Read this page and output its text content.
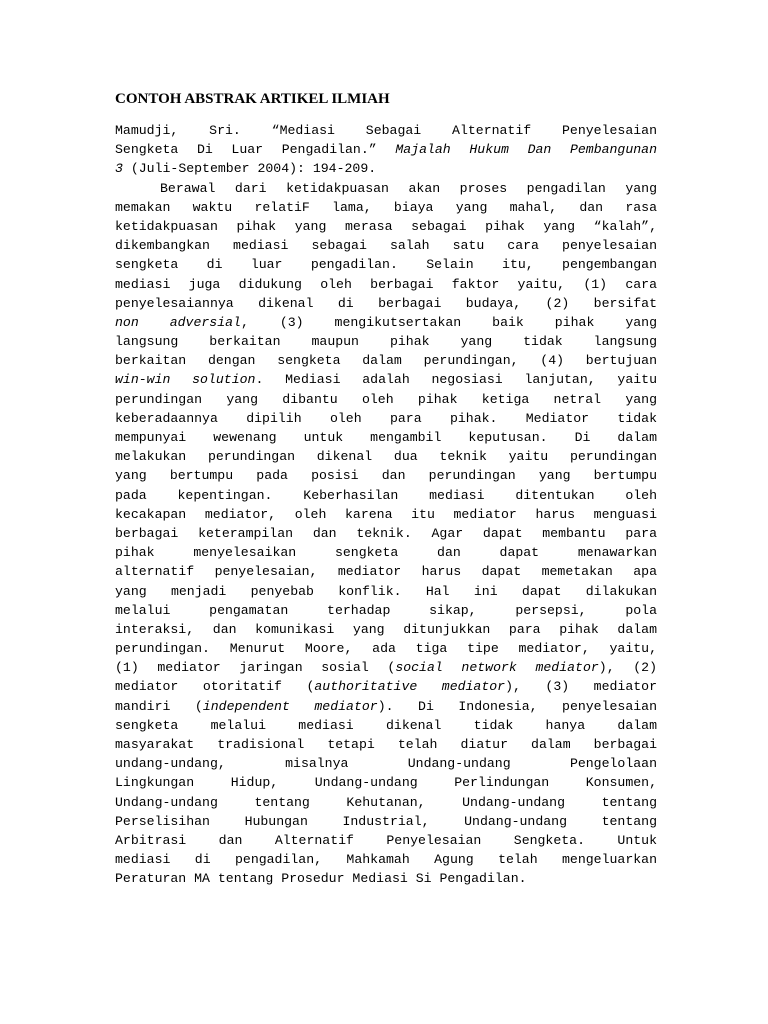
CONTOH ABSTRAK ARTIKEL ILMIAH
Mamudji, Sri. “Mediasi Sebagai Alternatif Penyelesaian
Sengketa Di Luar Pengadilan.” Majalah Hukum Dan Pembangunan
3 (Juli-September 2004): 194-209.
Berawal dari ketidakpuasan akan proses pengadilan yang
memakan waktu relatiF lama, biaya yang mahal, dan rasa
ketidakpuasan pihak yang merasa sebagai pihak yang “kalah”,
dikembangkan mediasi sebagai salah satu cara penyelesaian
sengketa di luar pengadilan. Selain itu, pengembangan
mediasi juga didukung oleh berbagai faktor yaitu, (1) cara
penyelesaiannya dikenal di berbagai budaya, (2) bersifat
non adversial, (3) mengikutsertakan baik pihak yang
langsung berkaitan maupun pihak yang tidak langsung
berkaitan dengan sengketa dalam perundingan, (4) bertujuan
win-win solution. Mediasi adalah negosiasi lanjutan, yaitu
perundingan yang dibantu oleh pihak ketiga netral yang
keberadaannya dipilih oleh para pihak. Mediator tidak
mempunyai wewenang untuk mengambil keputusan. Di dalam
melakukan perundingan dikenal dua teknik yaitu perundingan
yang bertumpu pada posisi dan perundingan yang bertumpu
pada kepentingan. Keberhasilan mediasi ditentukan oleh
kecakapan mediator, oleh karena itu mediator harus menguasi
berbagai keterampilan dan teknik. Agar dapat membantu para
pihak menyelesaikan sengketa dan dapat menawarkan
alternatif penyelesaian, mediator harus dapat memetakan apa
yang menjadi penyebab konflik. Hal ini dapat dilakukan
melalui pengamatan terhadap sikap, persepsi, pola
interaksi, dan komunikasi yang ditunjukkan para pihak dalam
perundingan. Menurut Moore, ada tiga tipe mediator, yaitu,
(1) mediator jaringan sosial (social network mediator), (2)
mediator otoritatif (authoritative mediator), (3) mediator
mandiri (independent mediator). Di Indonesia, penyelesaian
sengketa melalui mediasi dikenal tidak hanya dalam
masyarakat tradisional tetapi telah diatur dalam berbagai
undang-undang, misalnya Undang-undang Pengelolaan
Lingkungan Hidup, Undang-undang Perlindungan Konsumen,
Undang-undang tentang Kehutanan, Undang-undang tentang
Perselisihan Hubungan Industrial, Undang-undang tentang
Arbitrasi dan Alternatif Penyelesaian Sengketa. Untuk
mediasi di pengadilan, Mahkamah Agung telah mengeluarkan
Peraturan MA tentang Prosedur Mediasi Si Pengadilan.
